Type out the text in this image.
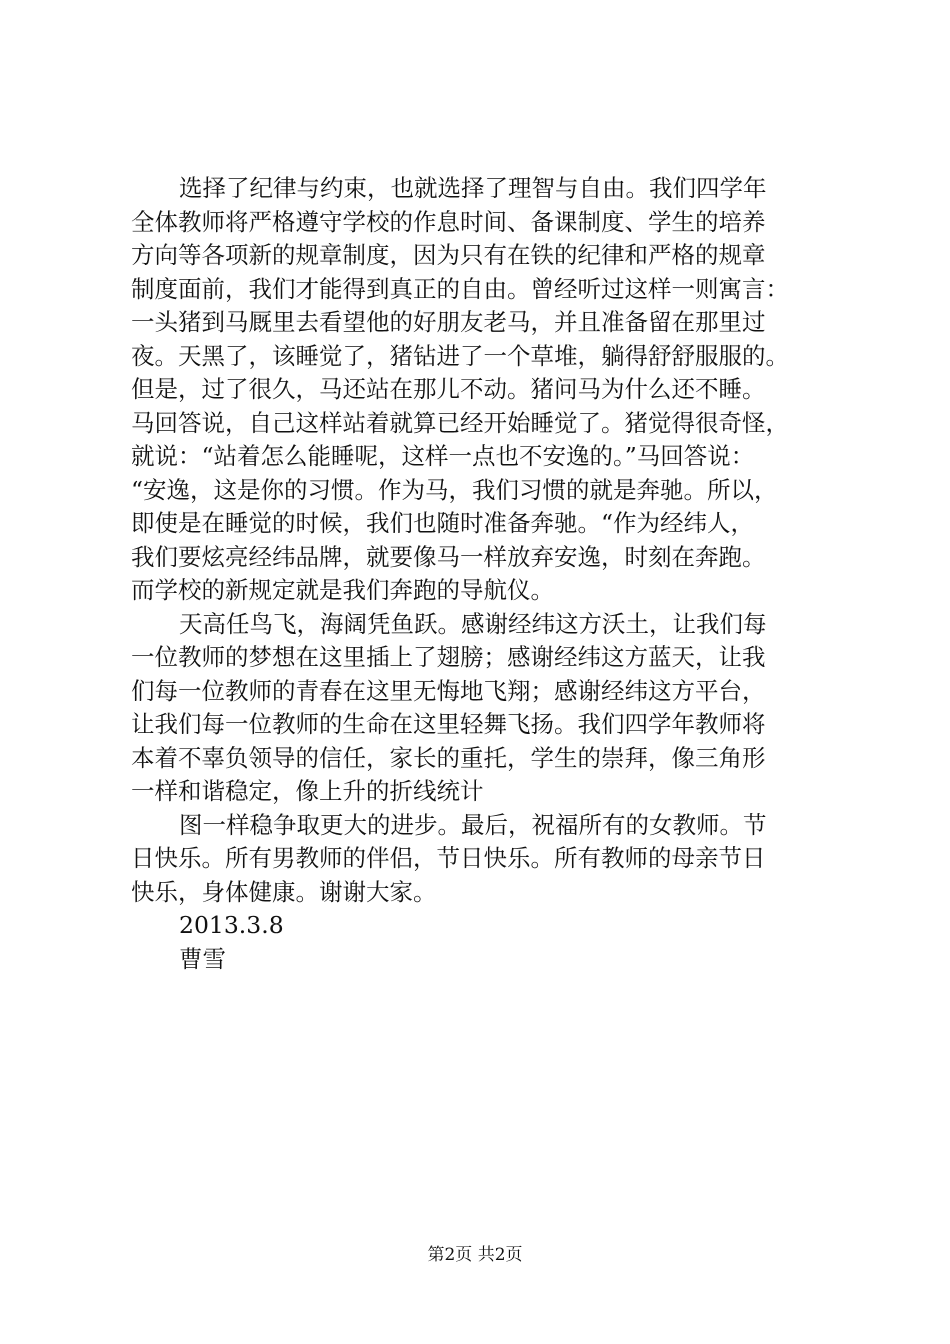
选择了纪律与约束，也就选择了理智与自由。我们四学年
全体教师将严格遵守学校的作息时间、备课制度、学生的培养
方向等各项新的规章制度，因为只有在铁的纪律和严格的规章
制度面前，我们才能得到真正的自由。曾经听过这样一则寓言：
一头猪到马厩里去看望他的好朋友老马，并且准备留在那里过
夜。天黑了，该睡觉了，猪钻进了一个草堆，躺得舒舒服服的。
但是，过了很久，马还站在那儿不动。猪问马为什么还不睡。
马回答说，自己这样站着就算已经开始睡觉了。猪觉得很奇怪，
就说：“站着怎么能睡呢，这样一点也不安逸的。”马回答说：
“安逸，这是你的习惯。作为马，我们习惯的就是奔驰。所以，
即使是在睡觉的时候，我们也随时准备奔驰。“作为经纬人，
我们要炫亮经纬品牌，就要像马一样放弃安逸，时刻在奔跑。
而学校的新规定就是我们奔跑的导航仪。
天高任鸟飞，海阔凭鱼跃。感谢经纬这方沃土，让我们每
一位教师的梦想在这里插上了翅膀；感谢经纬这方蓝天，让我
们每一位教师的青春在这里无悔地飞翔；感谢经纬这方平台，
让我们每一位教师的生命在这里轻舞飞扬。我们四学年教师将
本着不辜负领导的信任，家长的重托，学生的崇拜，像三角形
一样和谐稳定，像上升的折线统计
图一样稳争取更大的进步。最后，祝福所有的女教师。节
日快乐。所有男教师的伴侣，节日快乐。所有教师的母亲节日
快乐，身体健康。谢谢大家。
2013.3.8
曹雪
第2页 共2页
